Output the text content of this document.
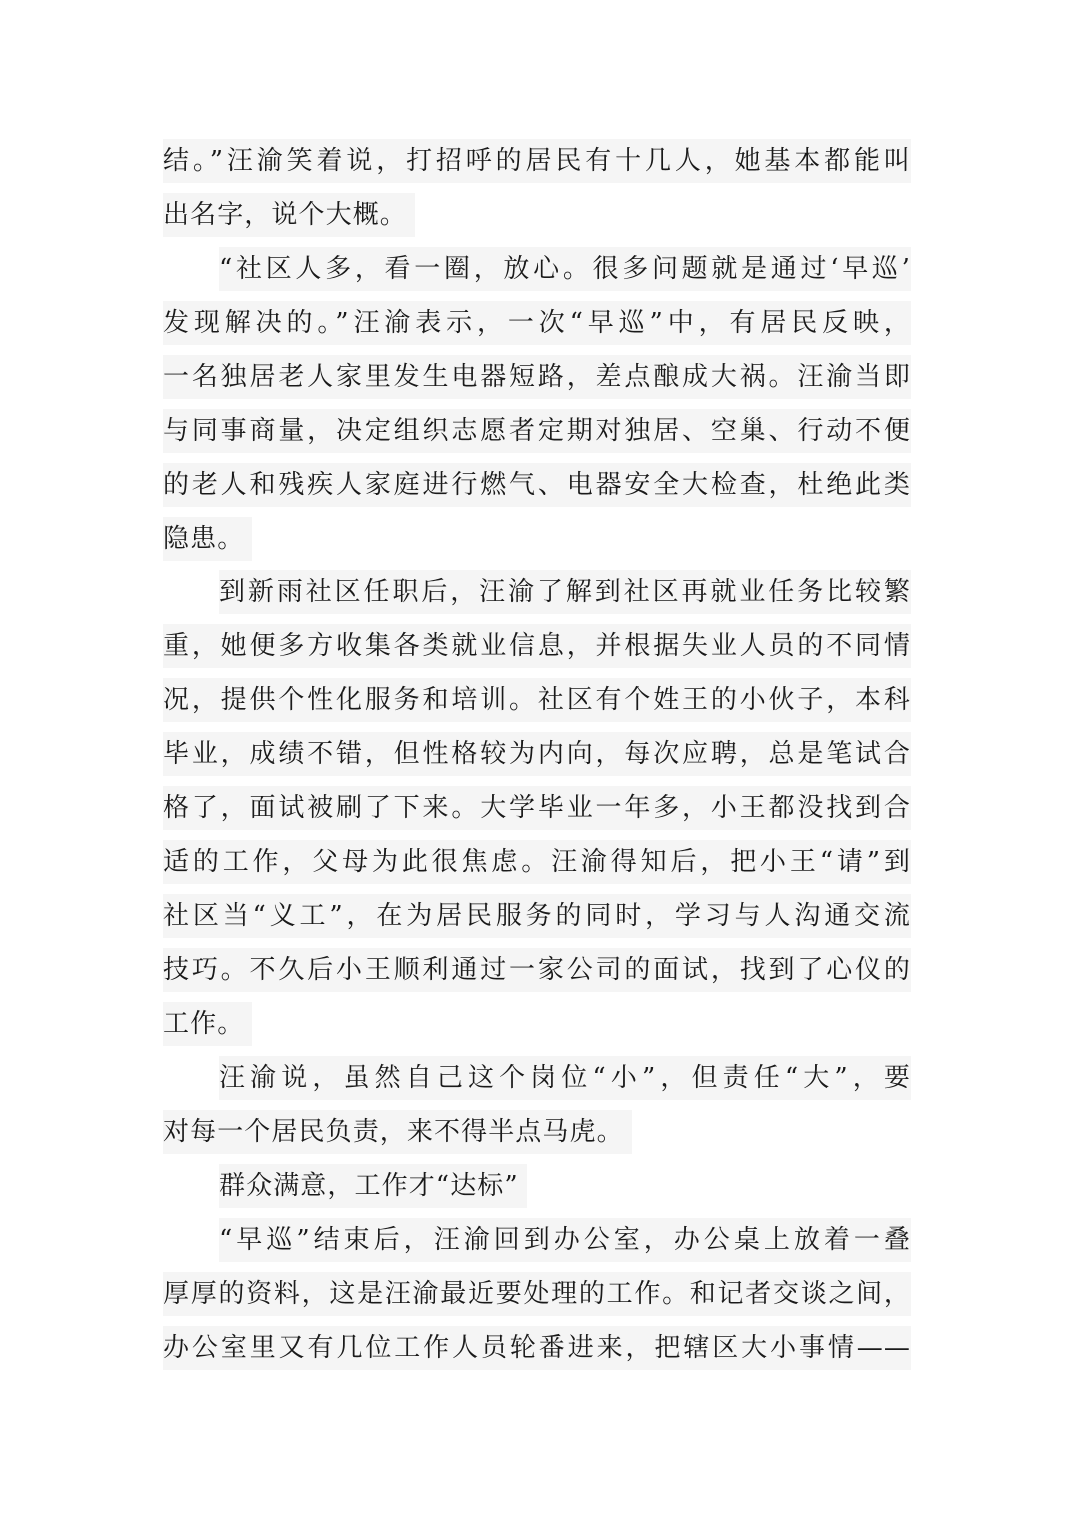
结。”汪渝笑着说，打招呼的居民有十几人，她基本都能叫
出名字，说个大概。
“社区人多，看一圈，放心。很多问题就是通过‘早巡’
发现解决的。”汪渝表示，一次“早巡”中，有居民反映，
一名独居老人家里发生电器短路，差点酿成大祸。汪渝当即
与同事商量，决定组织志愿者定期对独居、空巢、行动不便
的老人和残疾人家庭进行燃气、电器安全大检查，杜绝此类
隐患。
到新雨社区任职后，汪渝了解到社区再就业任务比较繁
重，她便多方收集各类就业信息，并根据失业人员的不同情
况，提供个性化服务和培训。社区有个姓王的小伙子，本科
毕业，成绩不错，但性格较为内向，每次应聘，总是笔试合
格了，面试被刷了下来。大学毕业一年多，小王都没找到合
适的工作，父母为此很焦虑。汪渝得知后，把小王“请”到
社区当“义工”，在为居民服务的同时，学习与人沟通交流
技巧。不久后小王顺利通过一家公司的面试，找到了心仪的
工作。
汪渝说，虽然自己这个岗位“小”，但责任“大”，要
对每一个居民负责，来不得半点马虎。
群众满意，工作才“达标”
“早巡”结束后，汪渝回到办公室，办公桌上放着一叠
厚厚的资料，这是汪渝最近要处理的工作。和记者交谈之间，
办公室里又有几位工作人员轮番进来，把辖区大小事情——
